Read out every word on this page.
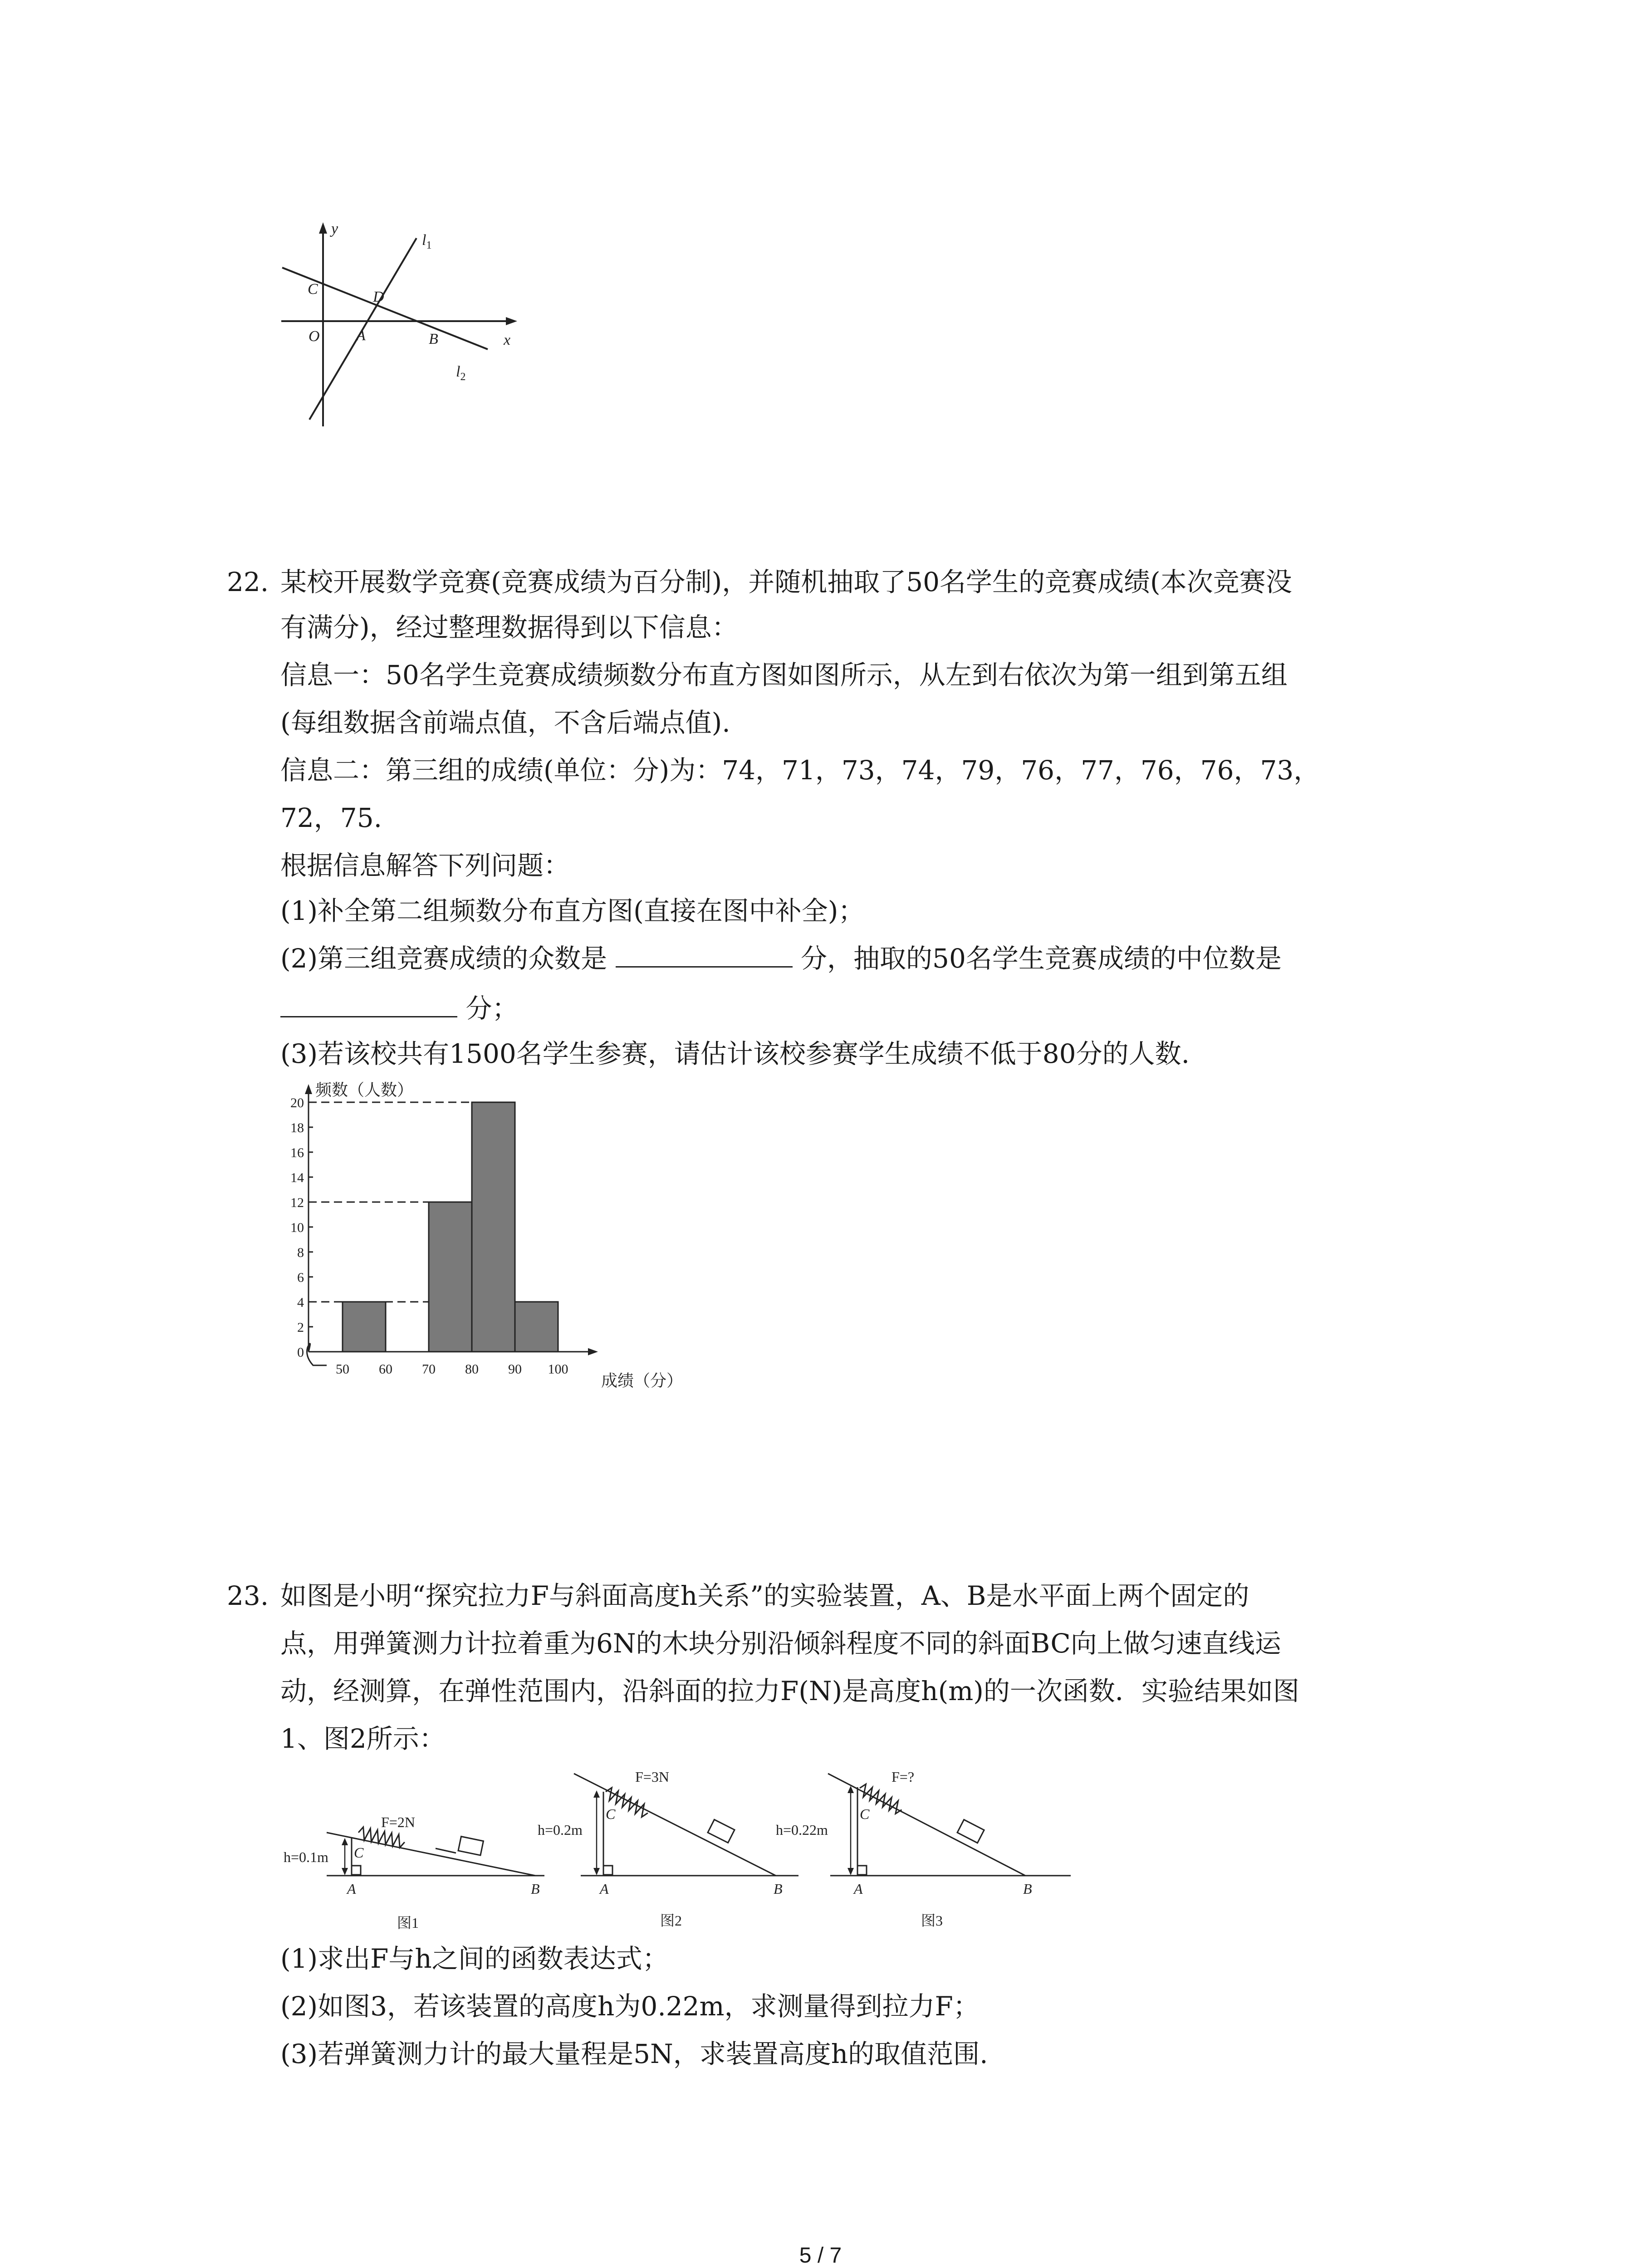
y
x
O
C	D
A	B
$l_1$
$l_2$
22. 某校开展数学竞赛(竞赛成绩为百分制)，并随机抽取了50名学生的竞赛成绩(本次竞赛没
有满分)，经过整理数据得到以下信息：
信息一：50名学生竞赛成绩频数分布直方图如图所示，从左到右依次为第一组到第五组
(每组数据含前端点值，不含后端点值).
信息二：第三组的成绩(单位：分)为：74，71，73，74，79，76，77，76，76，73，
72，75.
根据信息解答下列问题：
(1)补全第二组频数分布直方图(直接在图中补全)；
(2)第三组竞赛成绩的众数是	分，抽取的50名学生竞赛成绩的中位数是
分；
(3)若该校共有1500名学生参赛，请估计该校参赛学生成绩不低于80分的人数.
频数（人数）
成绩（分）
0
2
4
6
8
10
12
14
16
18
20
50 60 70 80 90 100
23. 如图是小明“探究拉力F与斜面高度h关系”的实验装置，A、B是水平面上两个固定的
点，用弹簧测力计拉着重为6N的木块分别沿倾斜程度不同的斜面BC向上做匀速直线运
动，经测算，在弹性范围内，沿斜面的拉力F(N)是高度h(m)的一次函数．实验结果如图
1、图2所示：
F=2N
h=0.1m C
A	B
图1
F=3N
h=0.2m
C
A	B
图2
F=?
h=0.22m
C
A	B
图3
(1)求出F与h之间的函数表达式；
(2)如图3，若该装置的高度h为0.22m，求测量得到拉力F；
(3)若弹簧测力计的最大量程是5N，求装置高度h的取值范围.
5 / 7
